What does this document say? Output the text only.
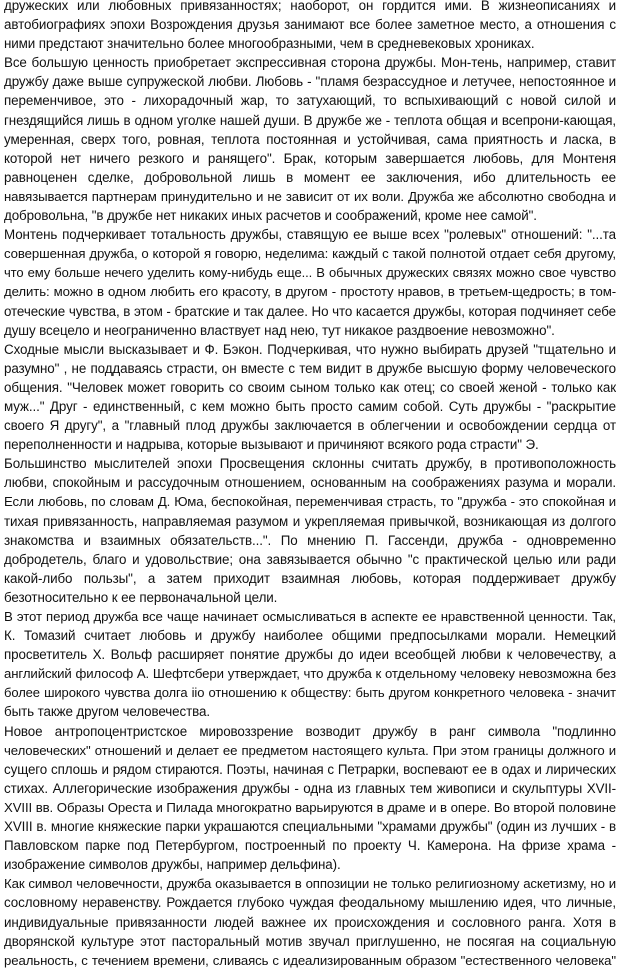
дружеских или любовных привязанностях; наоборот, он гордится ими. В жизнеописаниях и
автобиографиях эпохи Возрождения друзья занимают все более заметное место, а отношения с
ними предстают значительно более многообразными, чем в средневековых хрониках.
Все большую ценность приобретает экспрессивная сторона дружбы. Мон-тень, например, ставит
дружбу даже выше супружеской любви. Любовь - "пламя безрассудное и летучее, непостоянное и
переменчивое, это - лихорадочный жар, то затухающий, то вспыхивающий с новой силой и
гнездящийся лишь в одном уголке нашей души. В дружбе же - теплота общая и всепрони-кающая,
умеренная, сверх того, ровная, теплота постоянная и устойчивая, сама приятность и ласка, в
которой нет ничего резкого и ранящего". Брак, которым завершается любовь, для Монтеня
равноценен сделке, добровольной лишь в момент ее заключения, ибо длительность ее
навязывается партнерам принудительно и не зависит от их воли. Дружба же абсолютно свободна и
добровольна, "в дружбе нет никаких иных расчетов и соображений, кроме нее самой".
Монтень подчеркивает тотальность дружбы, ставящую ее выше всех "ролевых" отношений: "...та
совершенная дружба, о которой я говорю, неделима: каждый с такой полнотой отдает себя другому,
что ему больше нечего уделить кому-нибудь еще... В обычных дружеских связях можно свое чувство
делить: можно в одном любить его красоту, в другом - простоту нравов, в третьем-щедрость; в том-
отеческие чувства, в этом - братские и так далее. Но что касается дружбы, которая подчиняет себе
душу всецело и неограниченно властвует над нею, тут никакое раздвоение невозможно".
Сходные мысли высказывает и Ф. Бэкон. Подчеркивая, что нужно выбирать друзей "тщательно и
разумно" , не поддаваясь страсти, он вместе с тем видит в дружбе высшую форму человеческого
общения. "Человек может говорить со своим сыном только как отец; со своей женой - только как
муж..." Друг - единственный, с кем можно быть просто самим собой. Суть дружбы - "раскрытие
своего Я другу", а "главный плод дружбы заключается в облегчении и освобождении сердца от
переполненности и надрыва, которые вызывают и причиняют всякого рода страсти" Э.
Большинство мыслителей эпохи Просвещения склонны считать дружбу, в противоположность
любви, спокойным и рассудочным отношением, основанным на соображениях разума и морали.
Если любовь, по словам Д. Юма, беспокойная, переменчивая страсть, то "дружба - это спокойная и
тихая привязанность, направляемая разумом и укрепляемая привычкой, возникающая из долгого
знакомства и взаимных обязательств...". По мнению П. Гассенди, дружба - одновременно
добродетель, благо и удовольствие; она завязывается обычно "с практической целью или ради
какой-либо пользы", а затем приходит взаимная любовь, которая поддерживает дружбу
безотносительно к ее первоначальной цели.
В этот период дружба все чаще начинает осмысливаться в аспекте ее нравственной ценности. Так,
К. Томазий считает любовь и дружбу наиболее общими предпосылками морали. Немецкий
просветитель X. Вольф расширяет понятие дружбы до идеи всеобщей любви к человечеству, а
английский философ А. Шефтсбери утверждает, что дружба к отдельному человеку невозможна без
более широкого чувства долга iio отношению к обществу: быть другом конкретного человека - значит
быть также другом человечества.
Новое антропоцентристское мировоззрение возводит дружбу в ранг символа "подлинно
человеческих" отношений и делает ее предметом настоящего культа. При этом границы должного и
сущего сплошь и рядом стираются. Поэты, начиная с Петрарки, воспевают ее в одах и лирических
стихах. Аллегорические изображения дружбы - одна из главных тем живописи и скульптуры XVII-
XVIII вв. Образы Ореста и Пилада многократно варьируются в драме и в опере. Во второй половине
XVIII в. многие княжеские парки украшаются специальными "храмами дружбы" (один из лучших - в
Павловском парке под Петербургом, построенный по проекту Ч. Камерона. На фризе храма -
изображение символов дружбы, например дельфина).
Как символ человечности, дружба оказывается в оппозиции не только религиозному аскетизму, но и
сословному неравенству. Рождается глубоко чуждая феодальному мышлению идея, что личные,
индивидуальные привязанности людей важнее их происхождения и сословного ранга. Хотя в
дворянской культуре этот пасторальный мотив звучал приглушенно, не посягая на социальную
реальность, с течением времени, сливаясь с идеализированным образом "естественного человека"
